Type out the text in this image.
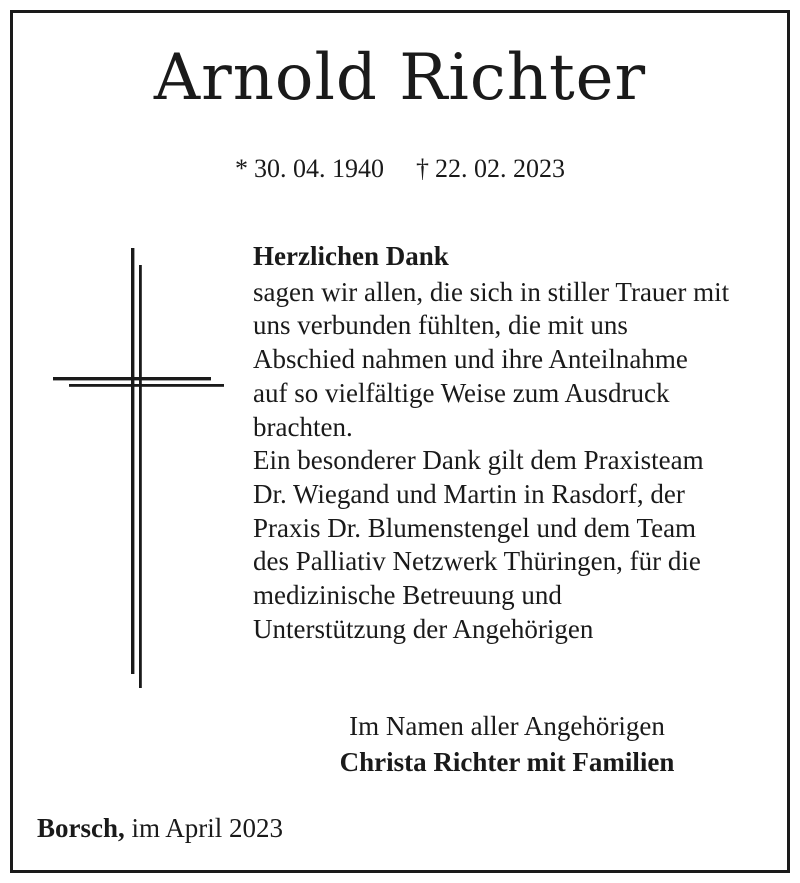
Arnold Richter
* 30. 04. 1940 † 22. 02. 2023
Herzlichen Dank
sagen wir allen, die sich in stiller Trauer mit
uns verbunden fühlten, die mit uns
Abschied nahmen und ihre Anteilnahme
auf so vielfältige Weise zum Ausdruck
brachten.
Ein besonderer Dank gilt dem Praxisteam
Dr. Wiegand und Martin in Rasdorf, der
Praxis Dr. Blumenstengel und dem Team
des Palliativ Netzwerk Thüringen, für die
medizinische Betreuung und
Unterstützung der Angehörigen
Im Namen aller Angehörigen
Christa Richter mit Familien
Borsch, im April 2023
